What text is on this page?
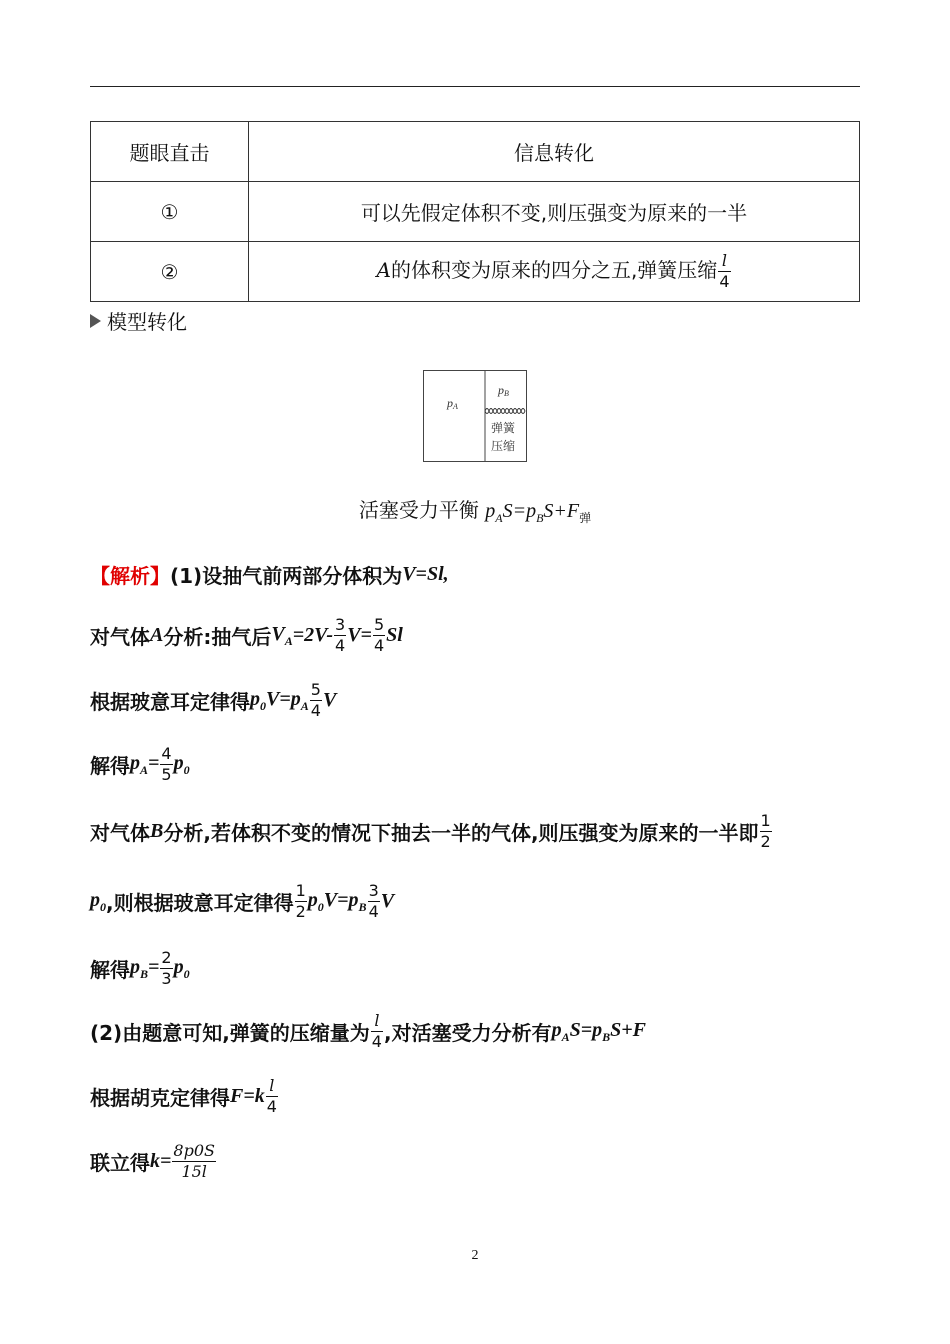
题眼直击	信息转化
①	可以先假定体积不变,则压强变为原来的一半
②	A的体积变为原来的四分之五,弹簧压缩 $\frac{l}{4}$
模型转化
pA
pB
弹簧
压缩
活塞受力平衡 $p_AS=p_BS+F_弹$
【解析】 (1)设抽气前两部分体积为 V=Sl,
对气体 A 分析:抽气后 $V_A =2V- \frac{3}{4} V= \frac{5}{4}$ Sl
根据玻意耳定律得 $p_0V=p_A \frac{5}{4}$ V
解得 $p_A= \frac{4}{5} p_0$
对气体 B 分析,若体积不变的情况下抽去一半的气体,则压强变为原来的一半即 $\frac{1}{2}$
$p_0$ ,则根据玻意耳定律得 $\frac{1}{2} p_0V=p_B \frac{3}{4}$ V
解得 $p_B= \frac{2}{3} p_0$
(2)由题意可知,弹簧的压缩量为 $\frac{l}{4}$ ,对活塞受力分析有 $p_AS=p_BS+F$
根据胡克定律得 $F=k \frac{l}{4}$
联立得 $k= \frac{8p0S}{15l}$
2
